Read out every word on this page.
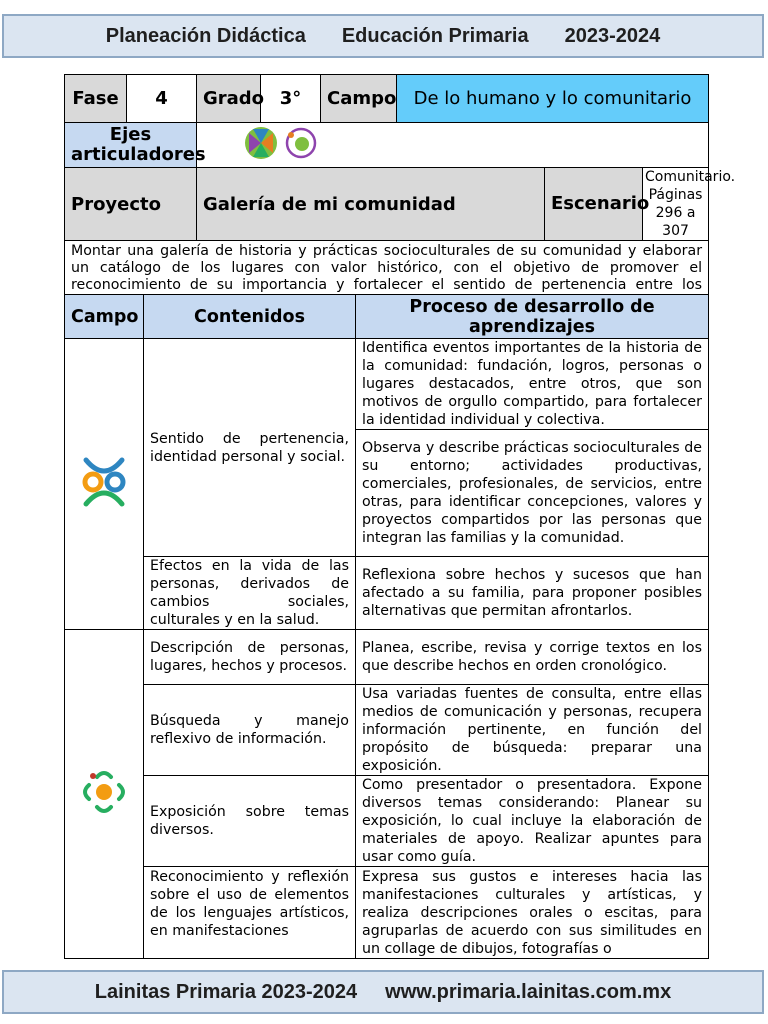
Planeación Didáctica Educación Primaria 2023-2024
Fase	4	Grado	3°	Campo	De lo humano y lo comunitario		
Ejes articuladores	
Proyecto		Galería de mi comunidad				Escenario	Comunitario. Páginas 296 a 307
Montar una galería de historia y prácticas socioculturales de su comunidad y elaborar un catálogo de los lugares con valor histórico, con el objetivo de promover el reconocimiento de su importancia y fortalecer el sentido de pertenencia entre los							
Campo	Contenidos	Proceso de desarrollo de aprendizajes
	Sentido de pertenencia, identidad personal y social.	Identifica eventos importantes de la historia de la comunidad: fundación, logros, personas o lugares destacados, entre otros, que son motivos de orgullo compartido, para fortalecer la identidad individual y colectiva.
		Observa y describe prácticas socioculturales de su entorno; actividades productivas, comerciales, profesionales, de servicios, entre otras, para identificar concepciones, valores y proyectos compartidos por las personas que integran las familias y la comunidad.
	Efectos en la vida de las personas, derivados de cambios sociales, culturales y en la salud.	Reflexiona sobre hechos y sucesos que han afectado a su familia, para proponer posibles alternativas que permitan afrontarlos.
	Descripción de personas, lugares, hechos y procesos.	Planea, escribe, revisa y corrige textos en los que describe hechos en orden cronológico.
	Búsqueda y manejo reflexivo de información.	Usa variadas fuentes de consulta, entre ellas medios de comunicación y personas, recupera información pertinente, en función del propósito de búsqueda: preparar una exposición.
	Exposición sobre temas diversos.	Como presentador o presentadora. Expone diversos temas considerando: Planear su exposición, lo cual incluye la elaboración de materiales de apoyo. Realizar apuntes para usar como guía.

	Reconocimiento y reflexión sobre el uso de elementos de los lenguajes artísticos, en manifestaciones	Expresa sus gustos e intereses hacia las manifestaciones culturales y artísticas, y realiza descripciones orales o escitas, para agruparlas de acuerdo con sus similitudes en un collage de dibujos, fotografías o
Lainitas Primaria 2023-2024 www.primaria.lainitas.com.mx
